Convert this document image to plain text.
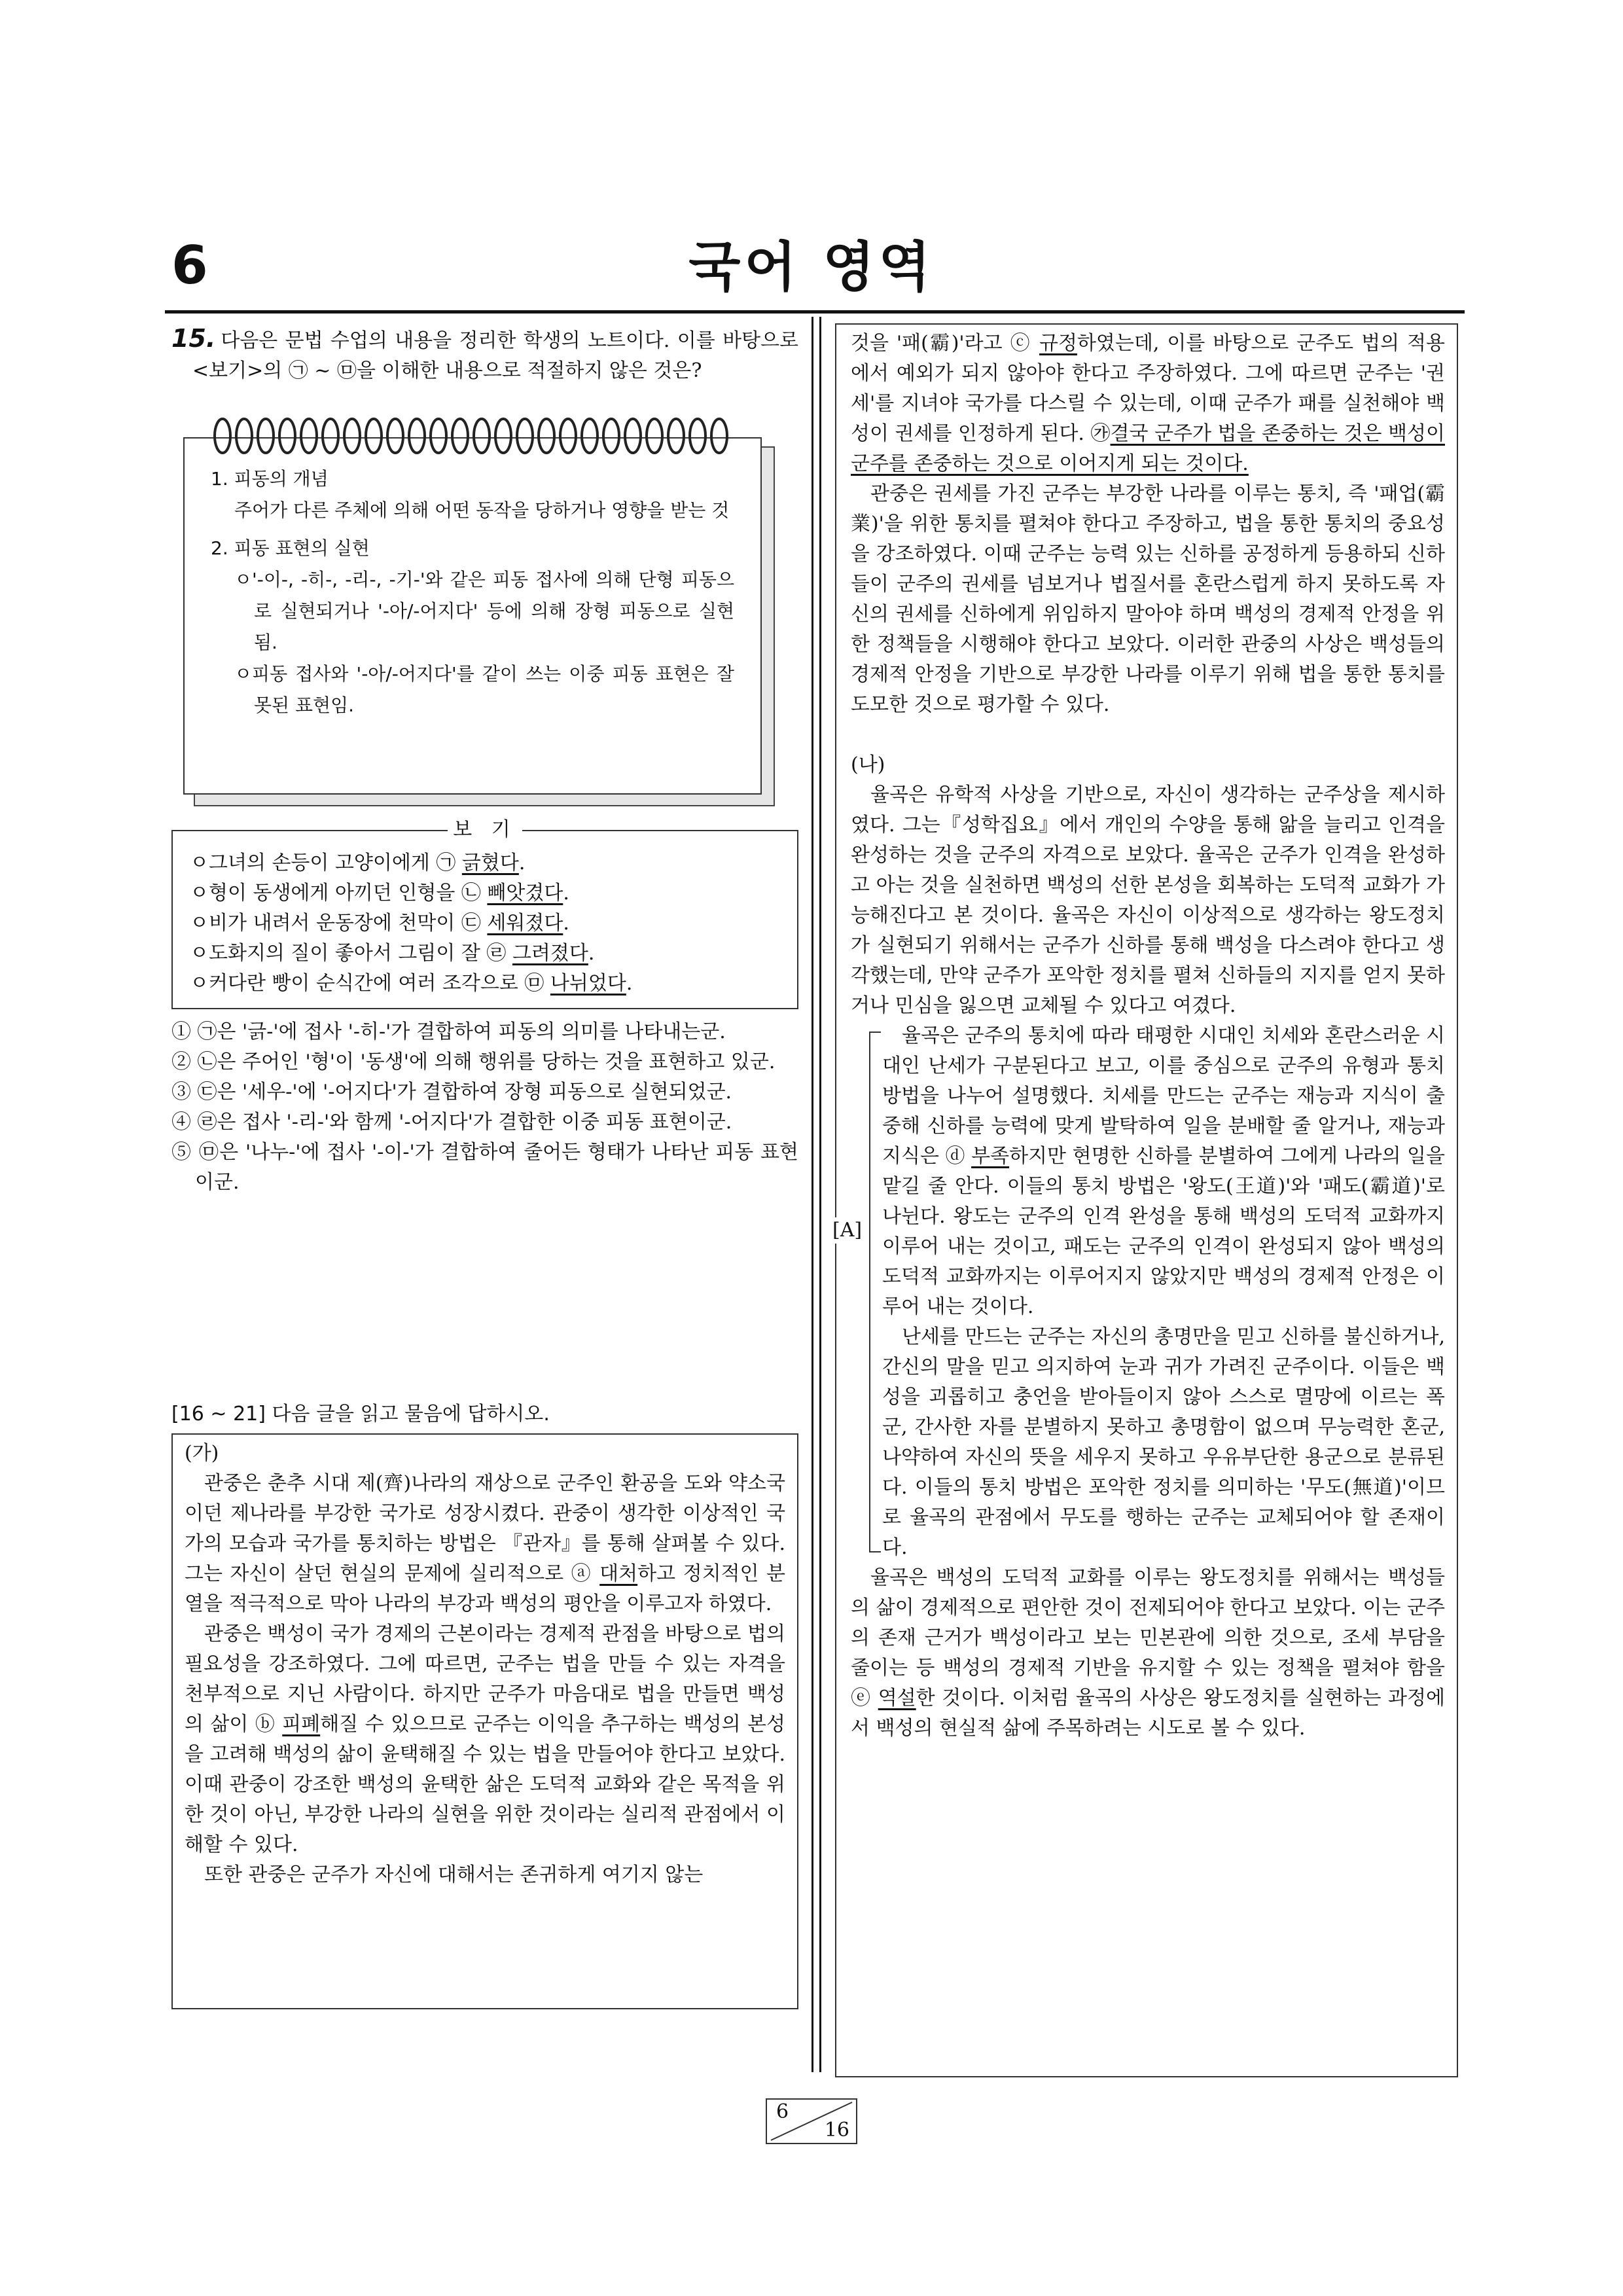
6	국어 영역

15. 다음은 문법 수업의 내용을 정리한 학생의 노트이다. 이를 바탕으로 <보기>의 ㉠ ~ ㉤을 이해한 내용으로 적절하지 않은 것은?

1. 피동의 개념

주어가 다른 주체에 의해 어떤 동작을 당하거나 영향을 받는 것

2. 피동 표현의 실현

ㅇ'-이-, -히-, -리-, -기-'와 같은 피동 접사에 의해 단형 피동으로 실현되거나 '-아/-어지다' 등에 의해 장형 피동으로 실현됨.

ㅇ피동 접사와 '-아/-어지다'를 같이 쓰는 이중 피동 표현은 잘못된 표현임.

보 기

ㅇ그녀의 손등이 고양이에게 ㉠ 긁혔다.

ㅇ형이 동생에게 아끼던 인형을 ㉡ 빼앗겼다.

ㅇ비가 내려서 운동장에 천막이 ㉢ 세워졌다.

ㅇ도화지의 질이 좋아서 그림이 잘 ㉣ 그려졌다.

ㅇ커다란 빵이 순식간에 여러 조각으로 ㉤ 나뉘었다.

① ㉠은 '긁-'에 접사 '-히-'가 결합하여 피동의 의미를 나타내는군.

② ㉡은 주어인 '형'이 '동생'에 의해 행위를 당하는 것을 표현하고 있군.

③ ㉢은 '세우-'에 '-어지다'가 결합하여 장형 피동으로 실현되었군.

④ ㉣은 접사 '-리-'와 함께 '-어지다'가 결합한 이중 피동 표현이군.

⑤ ㉤은 '나누-'에 접사 '-이-'가 결합하여 줄어든 형태가 나타난 피동 표현이군.

[16 ~ 21] 다음 글을 읽고 물음에 답하시오.

(가)

관중은 춘추 시대 제(齊)나라의 재상으로 군주인 환공을 도와 약소국이던 제나라를 부강한 국가로 성장시켰다. 관중이 생각한 이상적인 국가의 모습과 국가를 통치하는 방법은 『관자』를 통해 살펴볼 수 있다. 그는 자신이 살던 현실의 문제에 실리적으로 ⓐ 대처하고 정치적인 분열을 적극적으로 막아 나라의 부강과 백성의 평안을 이루고자 하였다.

관중은 백성이 국가 경제의 근본이라는 경제적 관점을 바탕으로 법의 필요성을 강조하였다. 그에 따르면, 군주는 법을 만들 수 있는 자격을 천부적으로 지닌 사람이다. 하지만 군주가 마음대로 법을 만들면 백성의 삶이 ⓑ 피폐해질 수 있으므로 군주는 이익을 추구하는 백성의 본성을 고려해 백성의 삶이 윤택해질 수 있는 법을 만들어야 한다고 보았다. 이때 관중이 강조한 백성의 윤택한 삶은 도덕적 교화와 같은 목적을 위한 것이 아닌, 부강한 나라의 실현을 위한 것이라는 실리적 관점에서 이해할 수 있다.

또한 관중은 군주가 자신에 대해서는 존귀하게 여기지 않는

것을 '패(霸)'라고 ⓒ 규정하였는데, 이를 바탕으로 군주도 법의 적용에서 예외가 되지 않아야 한다고 주장하였다. 그에 따르면 군주는 '권세'를 지녀야 국가를 다스릴 수 있는데, 이때 군주가 패를 실천해야 백성이 권세를 인정하게 된다. ㉮결국 군주가 법을 존중하는 것은 백성이 군주를 존중하는 것으로 이어지게 되는 것이다.

관중은 권세를 가진 군주는 부강한 나라를 이루는 통치, 즉 '패업(霸業)'을 위한 통치를 펼쳐야 한다고 주장하고, 법을 통한 통치의 중요성을 강조하였다. 이때 군주는 능력 있는 신하를 공정하게 등용하되 신하들이 군주의 권세를 넘보거나 법질서를 혼란스럽게 하지 못하도록 자신의 권세를 신하에게 위임하지 말아야 하며 백성의 경제적 안정을 위한 정책들을 시행해야 한다고 보았다. 이러한 관중의 사상은 백성들의 경제적 안정을 기반으로 부강한 나라를 이루기 위해 법을 통한 통치를 도모한 것으로 평가할 수 있다.

(나)

율곡은 유학적 사상을 기반으로, 자신이 생각하는 군주상을 제시하였다. 그는『성학집요』에서 개인의 수양을 통해 앎을 늘리고 인격을 완성하는 것을 군주의 자격으로 보았다. 율곡은 군주가 인격을 완성하고 아는 것을 실천하면 백성의 선한 본성을 회복하는 도덕적 교화가 가능해진다고 본 것이다. 율곡은 자신이 이상적으로 생각하는 왕도정치가 실현되기 위해서는 군주가 신하를 통해 백성을 다스려야 한다고 생각했는데, 만약 군주가 포악한 정치를 펼쳐 신하들의 지지를 얻지 못하거나 민심을 잃으면 교체될 수 있다고 여겼다.

[A]

율곡은 군주의 통치에 따라 태평한 시대인 치세와 혼란스러운 시대인 난세가 구분된다고 보고, 이를 중심으로 군주의 유형과 통치 방법을 나누어 설명했다. 치세를 만드는 군주는 재능과 지식이 출중해 신하를 능력에 맞게 발탁하여 일을 분배할 줄 알거나, 재능과 지식은 ⓓ 부족하지만 현명한 신하를 분별하여 그에게 나라의 일을 맡길 줄 안다. 이들의 통치 방법은 '왕도(王道)'와 '패도(霸道)'로 나뉜다. 왕도는 군주의 인격 완성을 통해 백성의 도덕적 교화까지 이루어 내는 것이고, 패도는 군주의 인격이 완성되지 않아 백성의 도덕적 교화까지는 이루어지지 않았지만 백성의 경제적 안정은 이루어 내는 것이다.

난세를 만드는 군주는 자신의 총명만을 믿고 신하를 불신하거나, 간신의 말을 믿고 의지하여 눈과 귀가 가려진 군주이다. 이들은 백성을 괴롭히고 충언을 받아들이지 않아 스스로 멸망에 이르는 폭군, 간사한 자를 분별하지 못하고 총명함이 없으며 무능력한 혼군, 나약하여 자신의 뜻을 세우지 못하고 우유부단한 용군으로 분류된다. 이들의 통치 방법은 포악한 정치를 의미하는 '무도(無道)'이므로 율곡의 관점에서 무도를 행하는 군주는 교체되어야 할 존재이다.

율곡은 백성의 도덕적 교화를 이루는 왕도정치를 위해서는 백성들의 삶이 경제적으로 편안한 것이 전제되어야 한다고 보았다. 이는 군주의 존재 근거가 백성이라고 보는 민본관에 의한 것으로, 조세 부담을 줄이는 등 백성의 경제적 기반을 유지할 수 있는 정책을 펼쳐야 함을 ⓔ 역설한 것이다. 이처럼 율곡의 사상은 왕도정치를 실현하는 과정에서 백성의 현실적 삶에 주목하려는 시도로 볼 수 있다.

6
16
